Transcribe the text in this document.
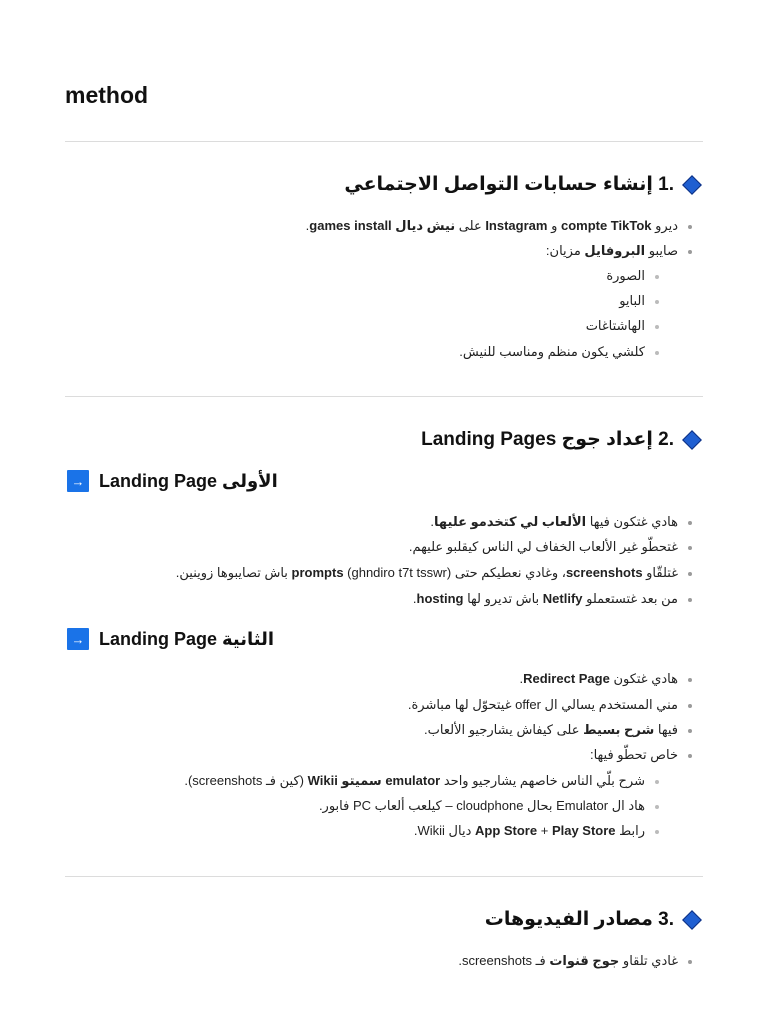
method
.1 إنشاء حسابات التواصل الاجتماعي
ديرو compte TikTok و Instagram على نيش ديال games install.
صايبو البروفايل مزيان:
الصورة
البايو
الهاشتاغات
كلشي يكون منظم ومناسب للنيش.
.2 إعداد جوج Landing Pages
→ الأولى Landing Page
هادي غتكون فيها الألعاب لي كتخدمو عليها.
غتحطّو غير الألعاب الخفاف لي الناس كيقلبو عليهم.
غتلقّاو screenshots، وغادي نعطيكم حتى prompts (ghndiro t7t tsswr) باش تصايبوها زوينين.
من بعد غتستعملو Netlify باش تديرو لها hosting.
→ الثانية Landing Page
هادي غتكون Redirect Page.
مني المستخدم يسالي ال offer غيتحوّل لها مباشرة.
فيها شرح بسيط على كيفاش يشارجيو الألعاب.
خاص تحطّو فيها:
شرح بلّي الناس خاصهم يشارجيو واحد emulator سميتو Wikii (كين فـ screenshots).
هاد ال Emulator بحال cloudphone – كيلعب ألعاب PC فابور.
رابط App Store + Play Store ديال Wikii.
.3 مصادر الفيديوهات
غادي تلقاو جوج قنوات فـ screenshots.
